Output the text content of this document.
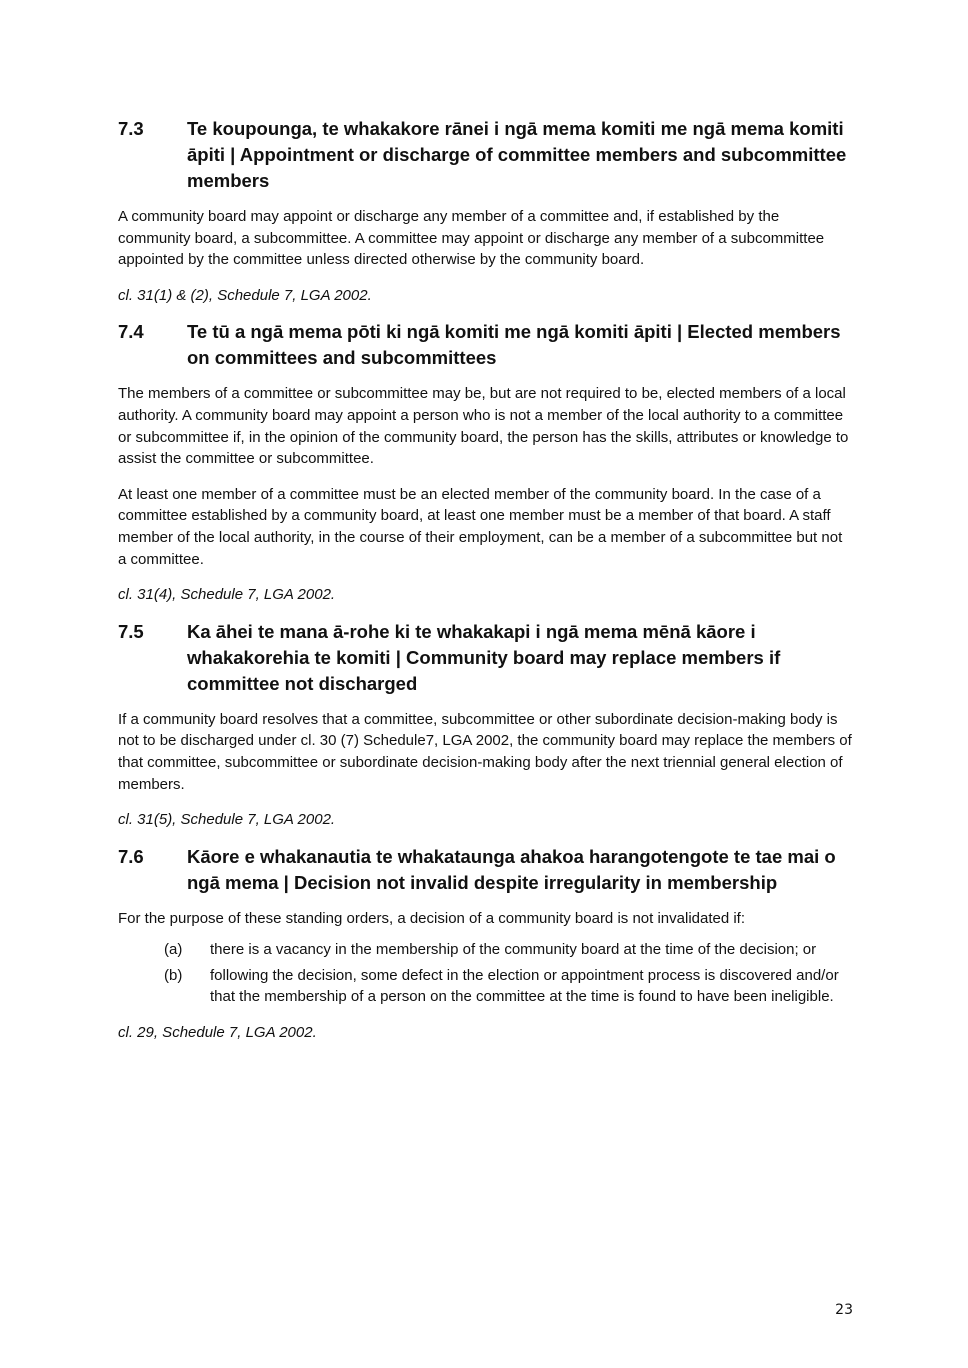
7.3	Te koupounga, te whakakore rānei i ngā mema komiti me ngā mema komiti āpiti | Appointment or discharge of committee members and subcommittee members

A community board may appoint or discharge any member of a committee and, if established by the community board, a subcommittee. A committee may appoint or discharge any member of a subcommittee appointed by the committee unless directed otherwise by the community board.

cl. 31(1) & (2), Schedule 7, LGA 2002.

7.4	Te tū a ngā mema pōti ki ngā komiti me ngā komiti āpiti | Elected members on committees and subcommittees

The members of a committee or subcommittee may be, but are not required to be, elected members of a local authority. A community board may appoint a person who is not a member of the local authority to a committee or subcommittee if, in the opinion of the community board, the person has the skills, attributes or knowledge to assist the committee or subcommittee.

At least one member of a committee must be an elected member of the community board. In the case of a committee established by a community board, at least one member must be a member of that board. A staff member of the local authority, in the course of their employment, can be a member of a subcommittee but not a committee.

cl. 31(4), Schedule 7, LGA 2002.

7.5	Ka āhei te mana ā-rohe ki te whakakapi i ngā mema mēnā kāore i whakakorehia te komiti | Community board may replace members if committee not discharged

If a community board resolves that a committee, subcommittee or other subordinate decision-making body is not to be discharged under cl. 30 (7) Schedule7, LGA 2002, the community board may replace the members of that committee, subcommittee or subordinate decision-making body after the next triennial general election of members.

cl. 31(5), Schedule 7, LGA 2002.

7.6	Kāore e whakanautia te whakataunga ahakoa harangotengote te tae mai o ngā mema | Decision not invalid despite irregularity in membership

For the purpose of these standing orders, a decision of a community board is not invalidated if:

(a)	there is a vacancy in the membership of the community board at the time of the decision; or
(b)	following the decision, some defect in the election or appointment process is discovered and/or that the membership of a person on the committee at the time is found to have been ineligible.

cl. 29, Schedule 7, LGA 2002.

23
